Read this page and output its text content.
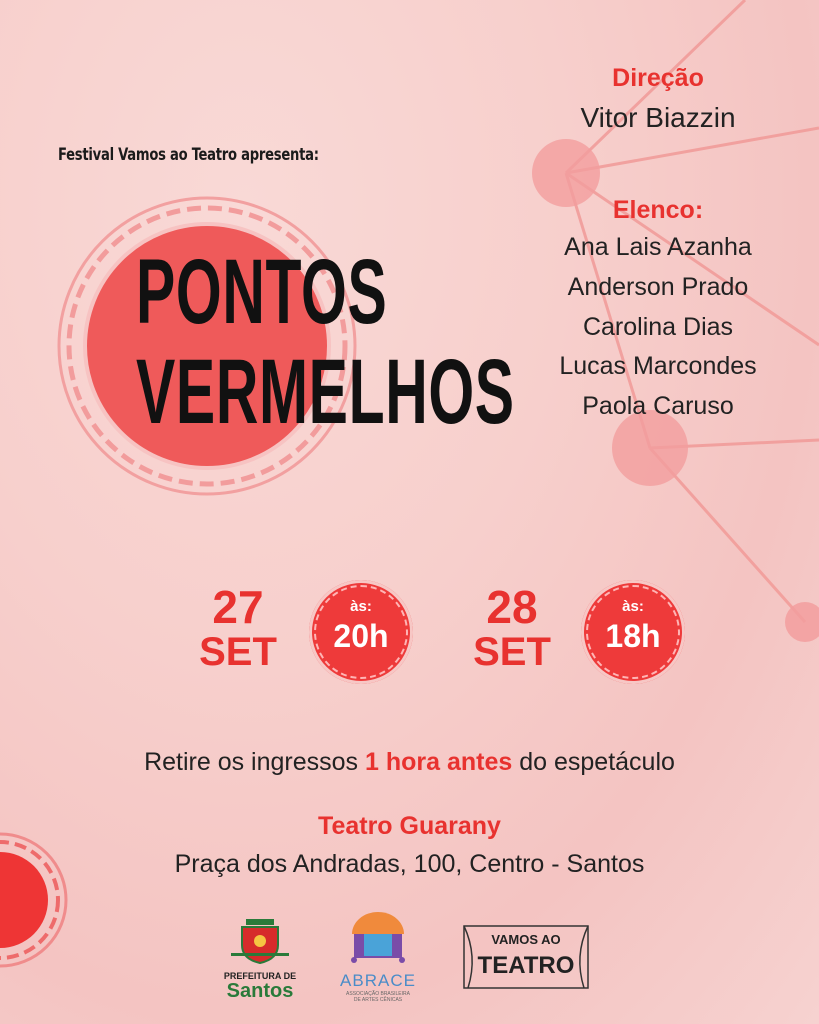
Festival Vamos ao Teatro apresenta:
PONTOS
VERMELHOS
Direção
Vitor Biazzin
Elenco:
Ana Lais Azanha
Anderson Prado
Carolina Dias
Lucas Marcondes
Paola Caruso
27
SET
às:
20h
28
SET
às:
18h
Retire os ingressos 1 hora antes do espetáculo
Teatro Guarany
Praça dos Andradas, 100, Centro - Santos
PREFEITURA DE
Santos	ABRACE
ASSOCIAÇÃO BRASILEIRA
DE ARTES CÊNICAS
VAMOS AO
TEATRO
